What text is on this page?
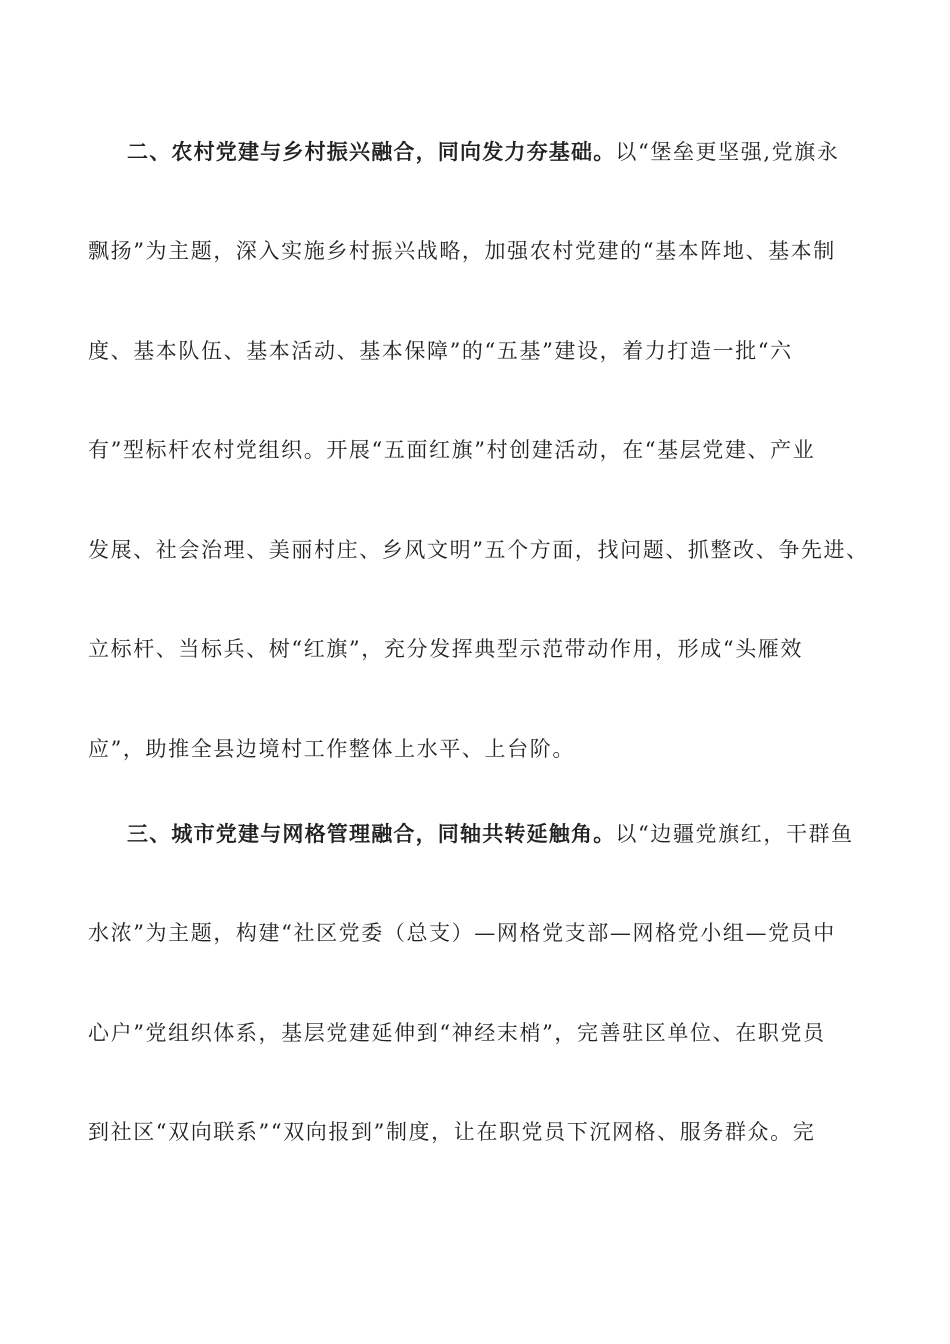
二、农村党建与乡村振兴融合，同向发力夯基础。以“堡垒更坚强,党旗永
飘扬”为主题，深入实施乡村振兴战略，加强农村党建的“基本阵地、基本制
度、基本队伍、基本活动、基本保障”的“五基”建设，着力打造一批“六
有”型标杆农村党组织。开展“五面红旗”村创建活动，在“基层党建、产业
发展、社会治理、美丽村庄、乡风文明”五个方面，找问题、抓整改、争先进、
立标杆、当标兵、树“红旗”，充分发挥典型示范带动作用，形成“头雁效
应”，助推全县边境村工作整体上水平、上台阶。
三、城市党建与网格管理融合，同轴共转延触角。以“边疆党旗红，干群鱼
水浓”为主题，构建“社区党委（总支）—网格党支部—网格党小组—党员中
心户”党组织体系，基层党建延伸到“神经末梢”，完善驻区单位、在职党员
到社区“双向联系”“双向报到”制度，让在职党员下沉网格、服务群众。完
